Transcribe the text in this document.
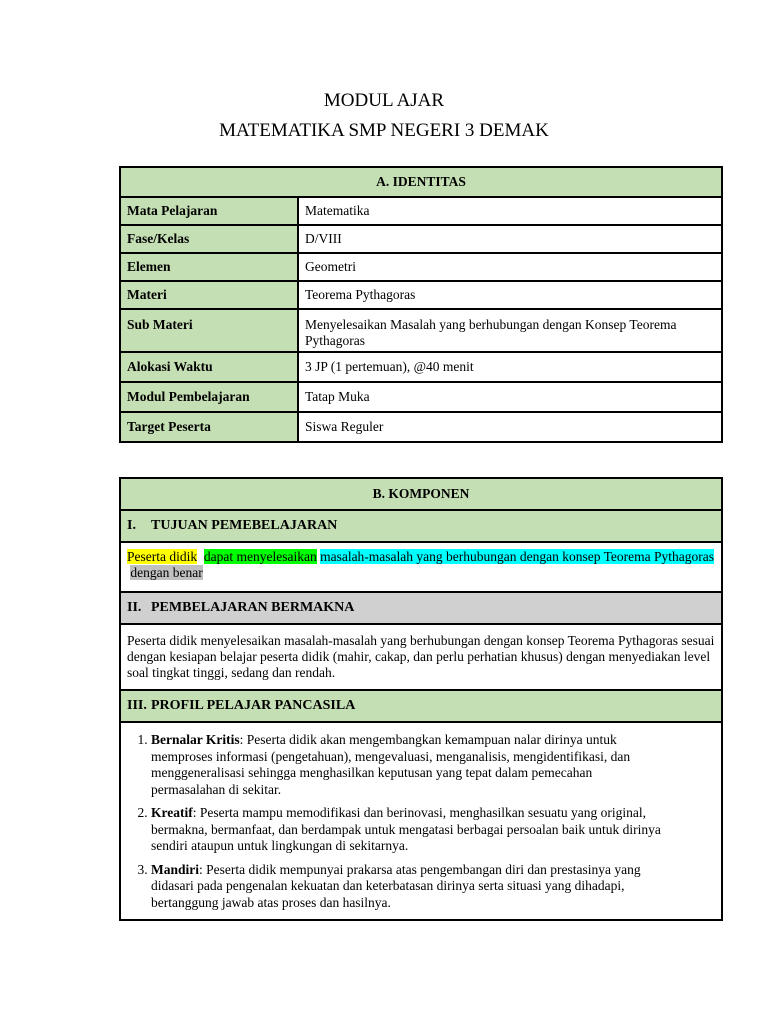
MODUL AJAR
MATEMATIKA SMP NEGERI 3 DEMAK
A. IDENTITAS	
Mata Pelajaran	Matematika
Fase/Kelas	D/VIII
Elemen	Geometri
Materi	Teorema Pythagoras
Sub Materi	Menyelesaikan Masalah yang berhubungan dengan Konsep Teorema Pythagoras
Alokasi Waktu	3 JP (1 pertemuan), @40 menit
Modul Pembelajaran	Tatap Muka
Target Peserta	Siswa Reguler
B. KOMPONEN
I. TUJUAN PEMEBELAJARAN
Peserta didik dapat menyelesaikan masalah-masalah yang berhubungan dengan konsep Teorema Pythagoras dengan benar
II. PEMBELAJARAN BERMAKNA
Peserta didik menyelesaikan masalah-masalah yang berhubungan dengan konsep Teorema Pythagoras sesuai dengan kesiapan belajar peserta didik (mahir, cakap, dan perlu perhatian khusus) dengan menyediakan level soal tingkat tinggi, sedang dan rendah.
III. PROFIL PELAJAR PANCASILA

1. Bernalar Kritis: Peserta didik akan mengembangkan kemampuan nalar dirinya untuk memproses informasi (pengetahuan), mengevaluasi, menganalisis, mengidentifikasi, dan menggeneralisasi sehingga menghasilkan keputusan yang tepat dalam pemecahan permasalahan di sekitar.
2. Kreatif: Peserta mampu memodifikasi dan berinovasi, menghasilkan sesuatu yang original, bermakna, bermanfaat, dan berdampak untuk mengatasi berbagai persoalan baik untuk dirinya sendiri ataupun untuk lingkungan di sekitarnya.
3. Mandiri: Peserta didik mempunyai prakarsa atas pengembangan diri dan prestasinya yang didasari pada pengenalan kekuatan dan keterbatasan dirinya serta situasi yang dihadapi, bertanggung jawab atas proses dan hasilnya.
